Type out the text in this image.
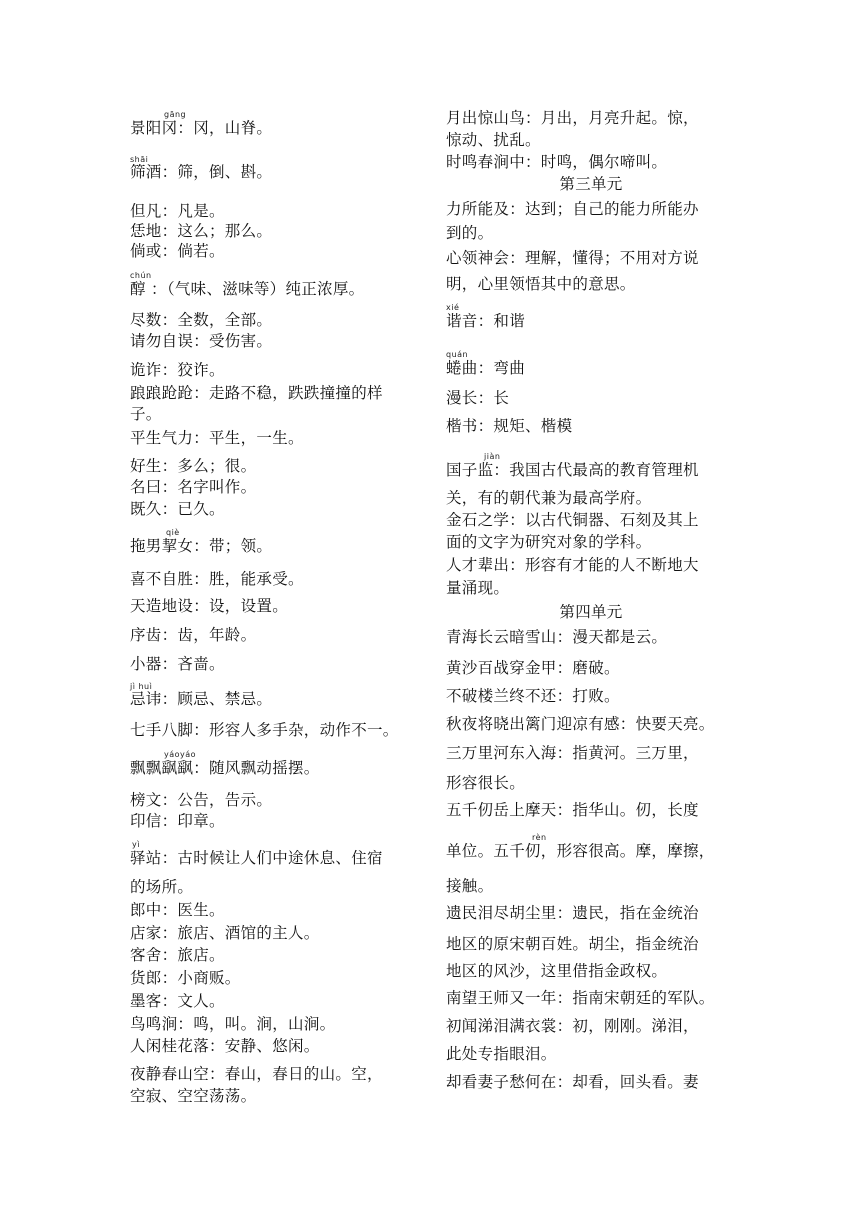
景阳冈：冈，山脊。
筛酒：筛，倒、斟。
但凡：凡是。
恁地：这么；那么。
倘或：倘若。
醇 ：（气味、滋味等）纯正浓厚。
尽数：全数，全部。
请勿自误：受伤害。
诡诈：狡诈。
踉踉跄跄：走路不稳，跌跌撞撞的样
子。
平生气力：平生，一生。
好生：多么；很。
名曰：名字叫作。
既久：已久。
拖男挈女：带；领。
喜不自胜：胜，能承受。
天造地设：设，设置。
序齿：齿，年龄。
小器：吝啬。
忌讳：顾忌、禁忌。
七手八脚：形容人多手杂，动作不一。
飘飘飖飖：随风飘动摇摆。
榜文：公告，告示。
印信：印章。
驿站：古时候让人们中途休息、住宿
的场所。
郎中：医生。
店家：旅店、酒馆的主人。
客舍：旅店。
货郎：小商贩。
墨客：文人。
鸟鸣涧：鸣，叫。涧，山涧。
人闲桂花落：安静、悠闲。
夜静春山空：春山，春日的山。空，
空寂、空空荡荡。
gāng
shāi
chún
qiè
jì huì
yáoyáo
yì
月出惊山鸟：月出，月亮升起。惊，
惊动、扰乱。
时鸣春涧中：时鸣，偶尔啼叫。
第三单元
力所能及：达到；自己的能力所能办
到的。
心领神会：理解，懂得；不用对方说
明，心里领悟其中的意思。
谐音：和谐
蜷曲：弯曲
漫长：长
楷书：规矩、楷模
国子监：我国古代最高的教育管理机
关，有的朝代兼为最高学府。
金石之学：以古代铜器、石刻及其上
面的文字为研究对象的学科。
人才辈出：形容有才能的人不断地大
量涌现。
第四单元
青海长云暗雪山：漫天都是云。
黄沙百战穿金甲：磨破。
不破楼兰终不还：打败。
秋夜将晓出篱门迎凉有感：快要天亮。
三万里河东入海：指黄河。三万里，
形容很长。
五千仞岳上摩天：指华山。仞，长度
单位。五千仞，形容很高。摩，摩擦，
接触。
遗民泪尽胡尘里：遗民，指在金统治
地区的原宋朝百姓。胡尘，指金统治
地区的风沙，这里借指金政权。
南望王师又一年：指南宋朝廷的军队。
初闻涕泪满衣裳：初，刚刚。涕泪，
此处专指眼泪。
却看妻子愁何在：却看，回头看。妻
xié
quán
jiàn
rèn
